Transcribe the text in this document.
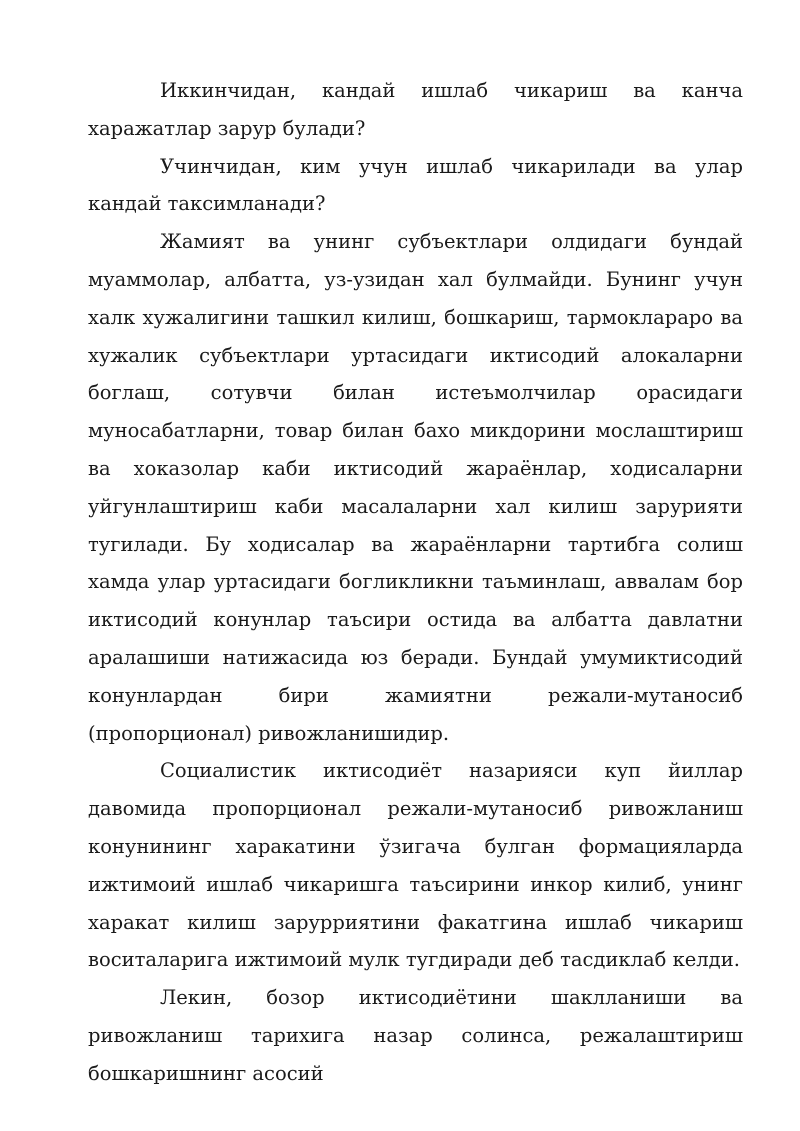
Иккинчидан, кандай ишлаб чикариш ва канча харажатлар зарур булади?

Учинчидан, ким учун ишлаб чикарилади ва улар кандай таксимланади?

Жамият ва унинг субъектлари олдидаги бундай муаммолар, албатта, уз-узидан хал булмайди. Бунинг учун халк хужалигини ташкил килиш, бошкариш, тармоклараро ва хужалик субъектлари уртасидаги иктисодий алокаларни боглаш, сотувчи билан истеъмолчилар орасидаги муносабатларни, товар билан бахо микдорини мослаштириш ва хоказолар каби иктисодий жараёнлар, ходисаларни уйгунлаштириш каби масалаларни хал килиш зарурияти тугилади. Бу ходисалар ва жараёнларни тартибга солиш хамда улар уртасидаги богликликни таъминлаш, аввалам бор иктисодий конунлар таъсири остида ва албатта давлатни аралашиши натижасида юз беради. Бундай умумиктисодий конунлардан бири жамиятни режали-мутаносиб (пропорционал) ривожланишидир.

Социалистик иктисодиёт назарияси куп йиллар давомида пропорционал режали-мутаносиб ривожланиш конунининг харакатини ўзигача булган формацияларда ижтимоий ишлаб чикаришга таъсирини инкор килиб, унинг харакат килиш зарурриятини факатгина ишлаб чикариш воситаларига ижтимоий мулк тугдиради деб тасдиклаб келди.

Лекин, бозор иктисодиётини шаклланиши ва ривожланиш тарихига назар солинса, режалаштириш бошкаришнинг асосий
